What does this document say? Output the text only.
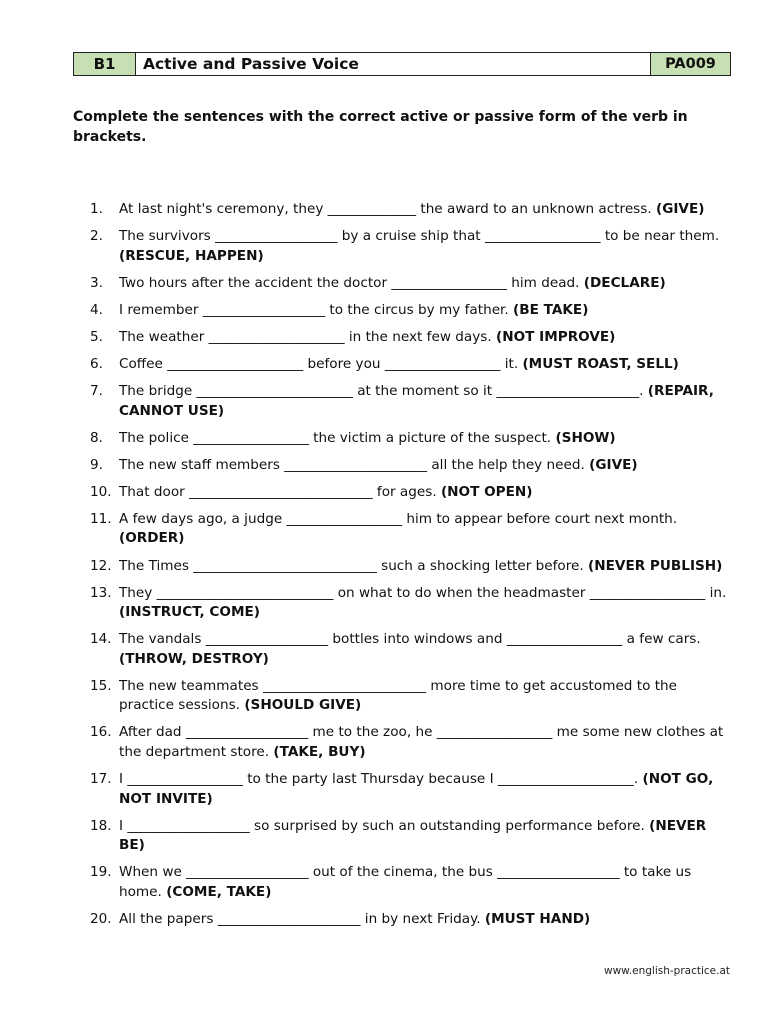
B1	Active and Passive Voice	PA009
Complete the sentences with the correct active or passive form of the verb in brackets.
1.	At last night's ceremony, they _____________ the award to an unknown actress. (GIVE)
2.	The survivors __________________ by a cruise ship that _________________ to be near them. (RESCUE, HAPPEN)
3.	Two hours after the accident the doctor _________________ him dead. (DECLARE)
4.	I remember __________________ to the circus by my father. (BE TAKE)
5.	The weather ____________________ in the next few days. (NOT IMPROVE)
6.	Coffee ____________________ before you _________________ it. (MUST ROAST, SELL)
7.	The bridge _______________________ at the moment so it _____________________. (REPAIR, CANNOT USE)
8.	The police _________________ the victim a picture of the suspect. (SHOW)
9.	The new staff members _____________________ all the help they need. (GIVE)
10. That door ___________________________ for ages. (NOT OPEN)
11. A few days ago, a judge _________________ him to appear before court next month. (ORDER)
12. The Times ___________________________ such a shocking letter before. (NEVER PUBLISH)
13. They __________________________ on what to do when the headmaster _________________ in. (INSTRUCT, COME)
14. The vandals __________________ bottles into windows and _________________ a few cars. (THROW, DESTROY)
15. The new teammates ________________________ more time to get accustomed to the practice sessions. (SHOULD GIVE)
16. After dad __________________ me to the zoo, he _________________ me some new clothes at the department store. (TAKE, BUY)
17. I _________________ to the party last Thursday because I ____________________. (NOT GO, NOT INVITE)
18. I __________________ so surprised by such an outstanding performance before. (NEVER BE)
19. When we __________________ out of the cinema, the bus __________________ to take us home. (COME, TAKE)
20. All the papers _____________________ in by next Friday. (MUST HAND)
www.english-practice.at
